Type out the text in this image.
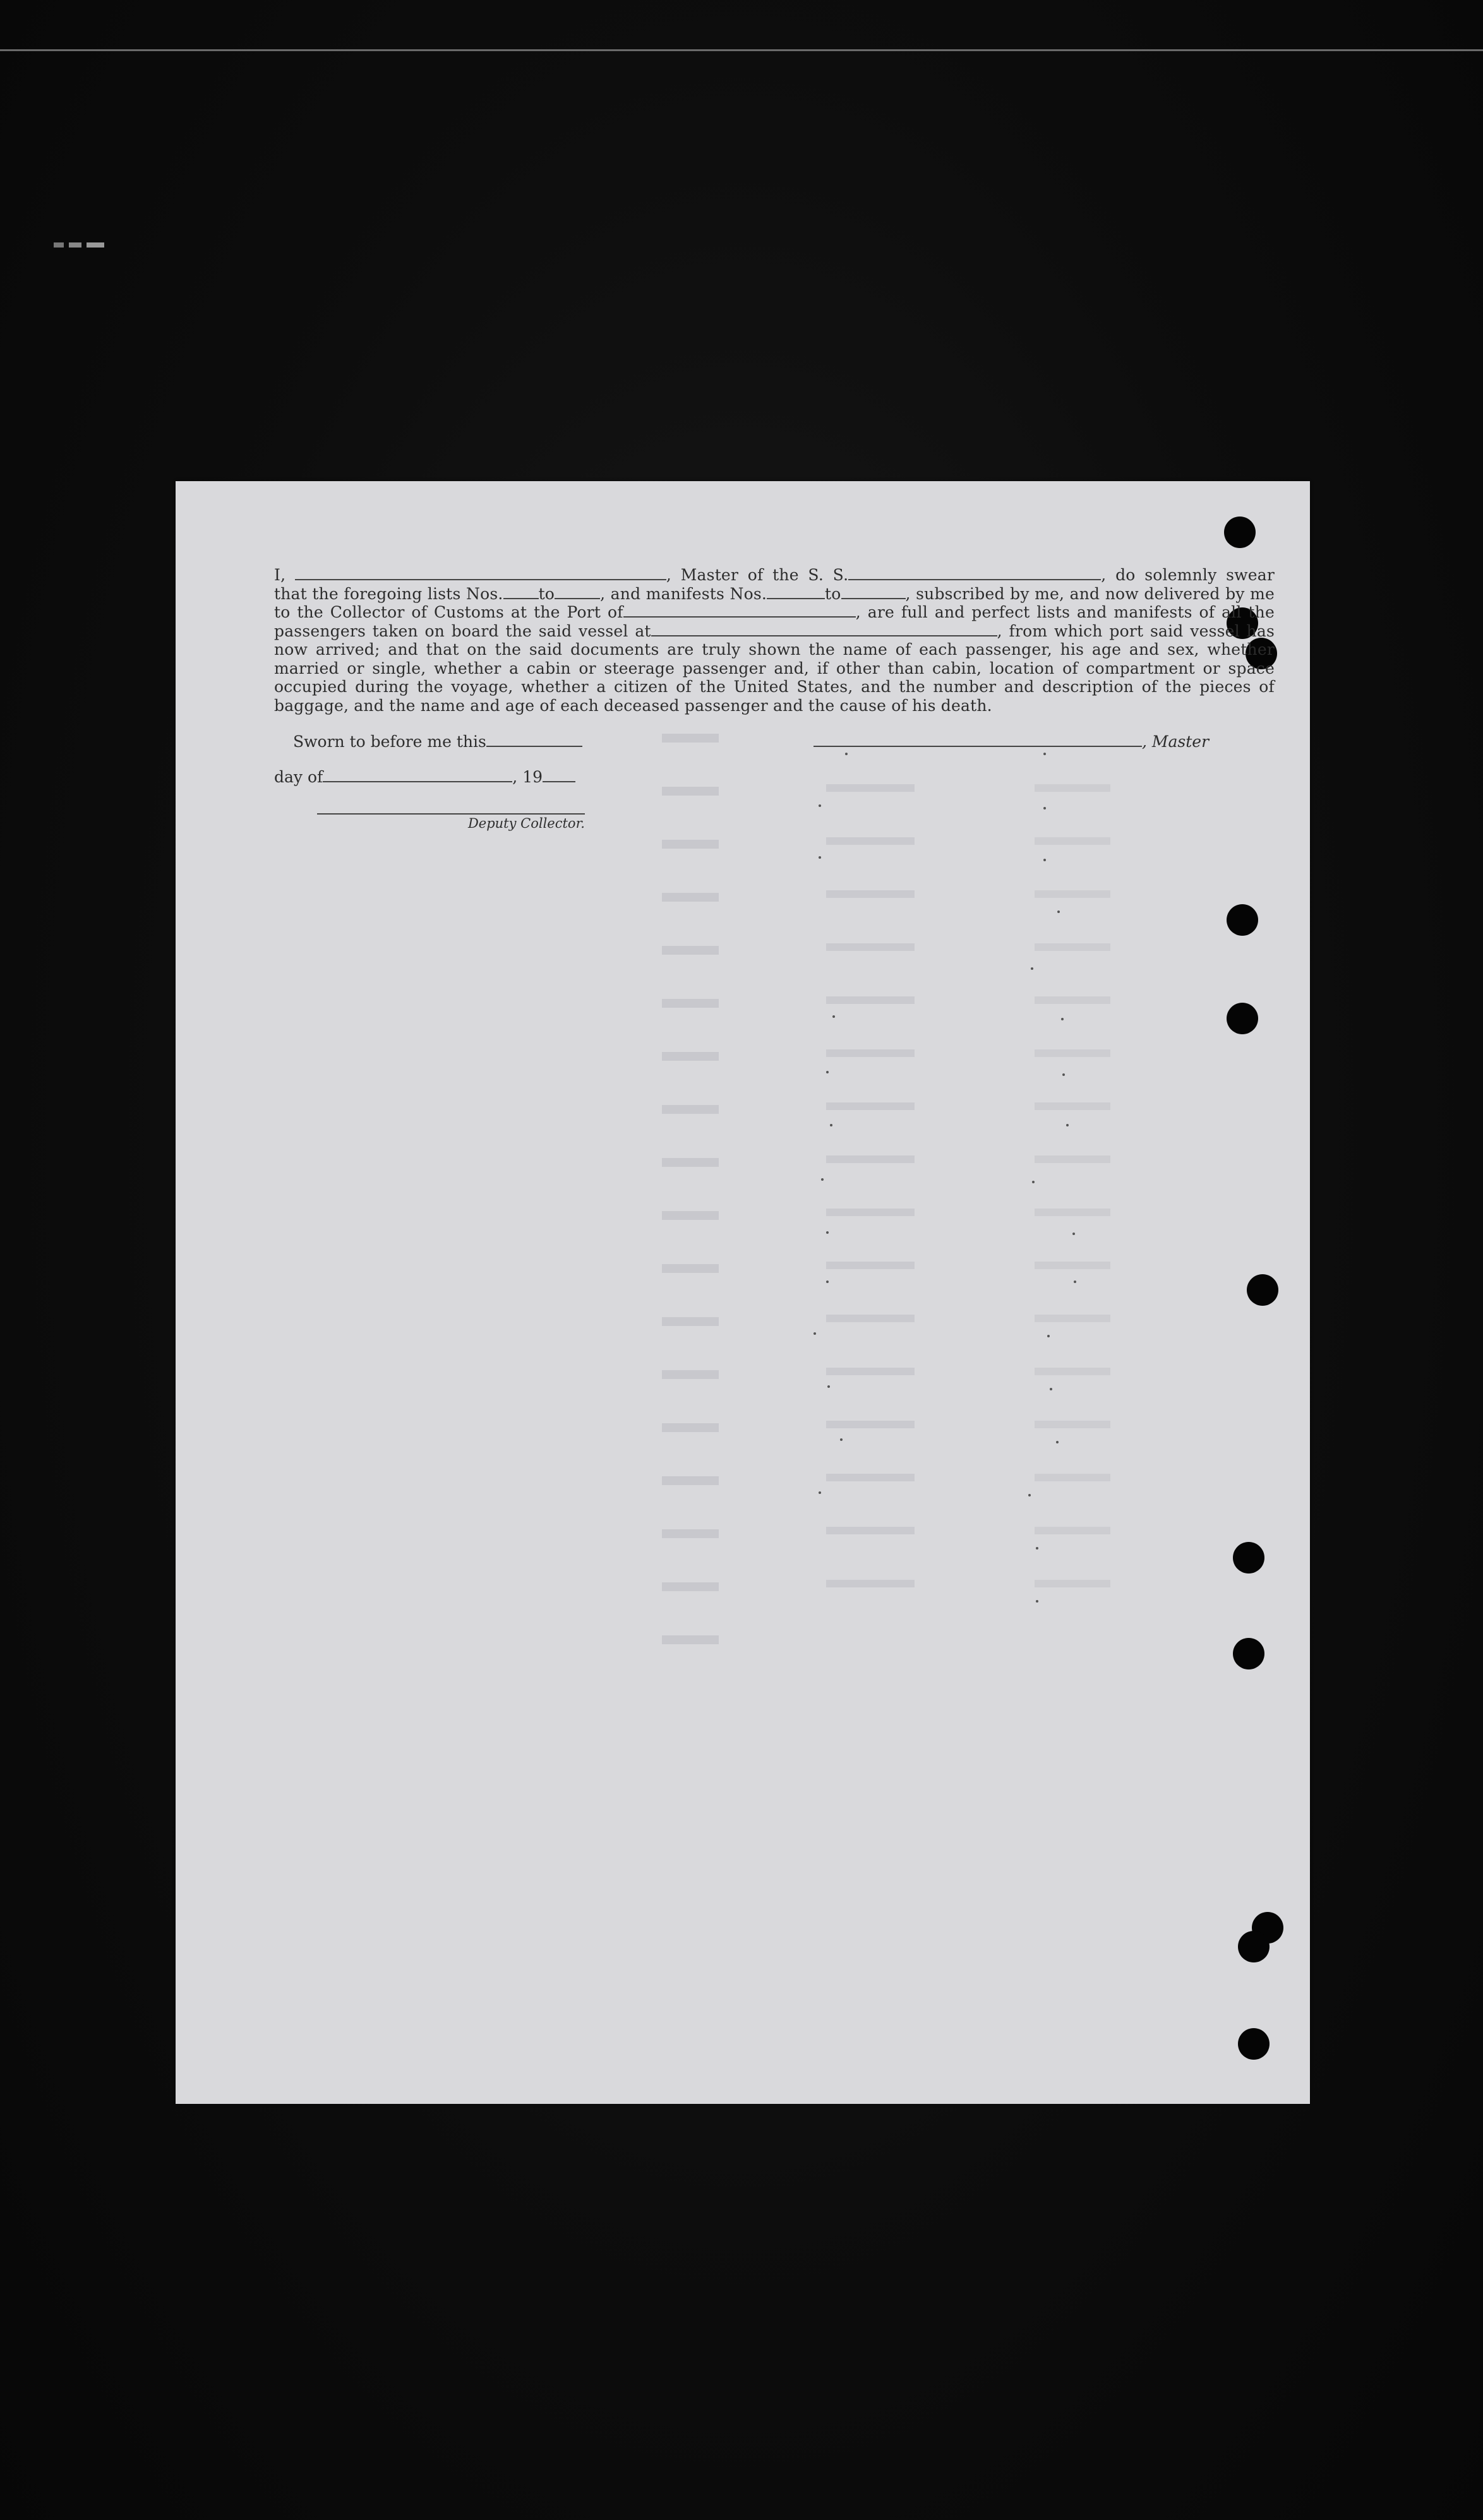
I,	, Master of the S. S.	, do solemnly swear that the foregoing lists Nos. to	, and manifests Nos.	to	, subscribed by me, and now delivered by me to the Collector of Customs at the Port of	, are full and perfect lists and manifests of all the passengers taken on board the said vessel at	, from which port said vessel has now arrived; and that on the said documents are truly shown the name of each passenger, his age and sex, whether married or single, whether a cabin or steerage passenger and, if other than cabin, location of compartment or space occupied during the voyage, whether a citizen of the United States, and the number and description of the pieces of baggage, and the name and age of each deceased passenger and the cause of his death.
Sworn to before me this	, Master
day of	, 19
Deputy Collector.
